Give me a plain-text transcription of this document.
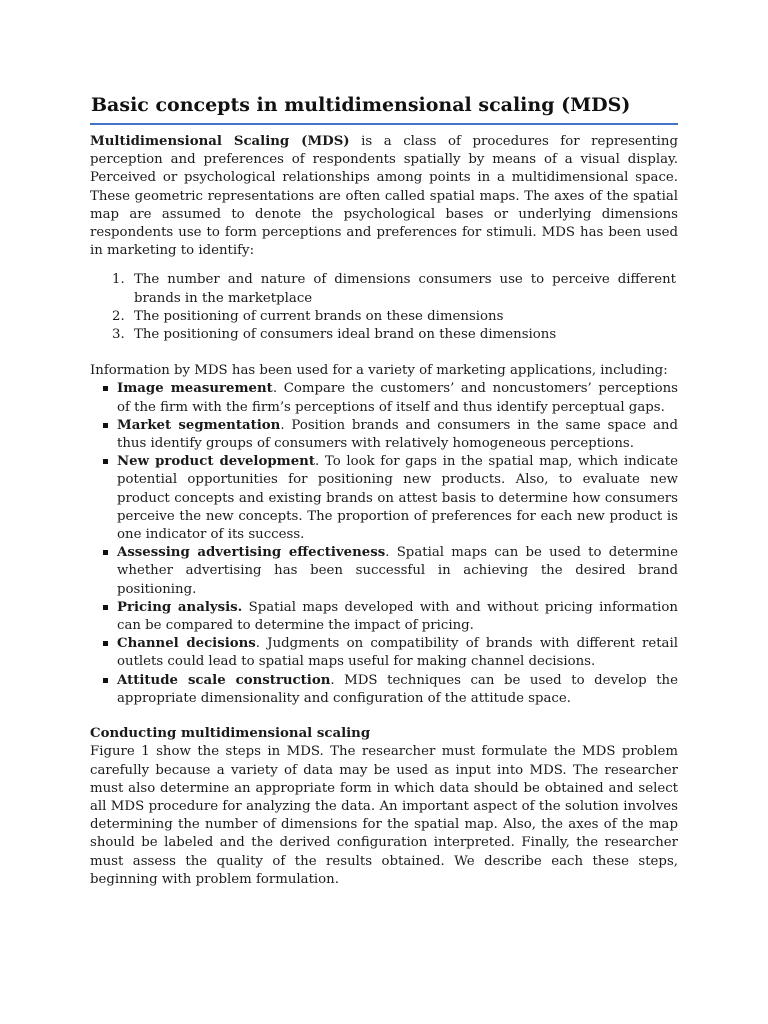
Basic concepts in multidimensional scaling (MDS)

Multidimensional Scaling (MDS) is a class of procedures for representing perception and preferences of respondents spatially by means of a visual display. Perceived or psychological relationships among points in a multidimensional space. These geometric representations are often called spatial maps. The axes of the spatial map are assumed to denote the psychological bases or underlying dimensions respondents use to form perceptions and preferences for stimuli. MDS has been used in marketing to identify:

1. The number and nature of dimensions consumers use to perceive different brands in the marketplace
2. The positioning of current brands on these dimensions
3. The positioning of consumers ideal brand on these dimensions

Information by MDS has been used for a variety of marketing applications, including:

Image measurement. Compare the customers’ and noncustomers’ perceptions of the firm with the firm’s perceptions of itself and thus identify perceptual gaps.
Market segmentation. Position brands and consumers in the same space and thus identify groups of consumers with relatively homogeneous perceptions.
New product development. To look for gaps in the spatial map, which indicate potential opportunities for positioning new products. Also, to evaluate new product concepts and existing brands on attest basis to determine how consumers perceive the new concepts. The proportion of preferences for each new product is one indicator of its success.
Assessing advertising effectiveness. Spatial maps can be used to determine whether advertising has been successful in achieving the desired brand positioning.
Pricing analysis. Spatial maps developed with and without pricing information can be compared to determine the impact of pricing.
Channel decisions. Judgments on compatibility of brands with different retail outlets could lead to spatial maps useful for making channel decisions.
Attitude scale construction. MDS techniques can be used to develop the appropriate dimensionality and configuration of the attitude space.

Conducting multidimensional scaling

Figure 1 show the steps in MDS. The researcher must formulate the MDS problem carefully because a variety of data may be used as input into MDS. The researcher must also determine an appropriate form in which data should be obtained and select all MDS procedure for analyzing the data. An important aspect of the solution involves determining the number of dimensions for the spatial map. Also, the axes of the map should be labeled and the derived configuration interpreted. Finally, the researcher must assess the quality of the results obtained. We describe each these steps, beginning with problem formulation.
